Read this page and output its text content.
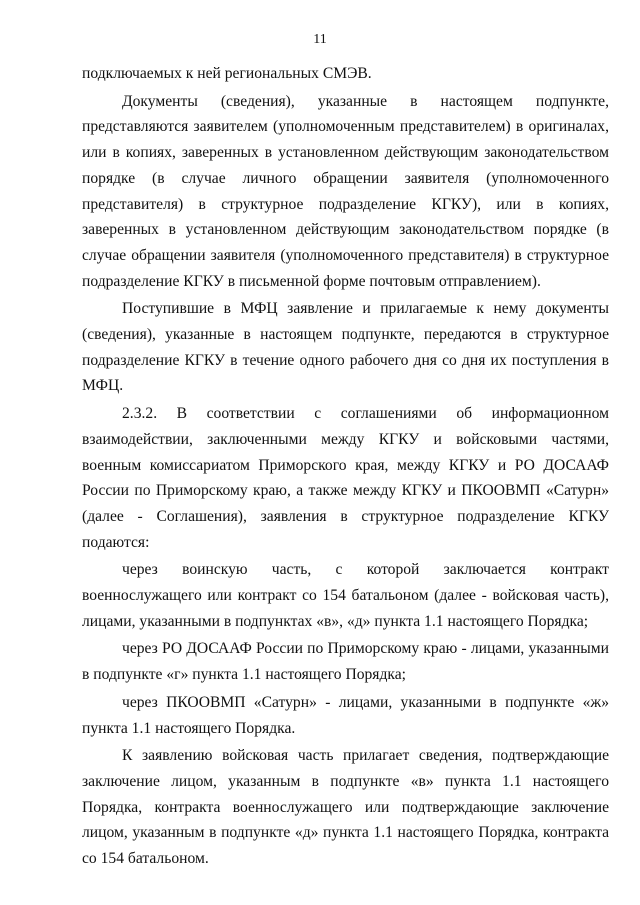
11

подключаемых к ней региональных СМЭВ.

Документы (сведения), указанные в настоящем подпункте, представляются заявителем (уполномоченным представителем) в оригиналах, или в копиях, заверенных в установленном действующим законодательством порядке (в случае личного обращении заявителя (уполномоченного представителя) в структурное подразделение КГКУ), или в копиях, заверенных в установленном действующим законодательством порядке (в случае обращении заявителя (уполномоченного представителя) в структурное подразделение КГКУ в письменной форме почтовым отправлением).

Поступившие в МФЦ заявление и прилагаемые к нему документы (сведения), указанные в настоящем подпункте, передаются в структурное подразделение КГКУ в течение одного рабочего дня со дня их поступления в МФЦ.

2.3.2. В соответствии с соглашениями об информационном взаимодействии, заключенными между КГКУ и войсковыми частями, военным комиссариатом Приморского края, между КГКУ и РО ДОСААФ России по Приморскому краю, а также между КГКУ и ПКООВМП «Сатурн» (далее - Соглашения), заявления в структурное подразделение КГКУ подаются:

через воинскую часть, с которой заключается контракт военнослужащего или контракт со 154 батальоном (далее - войсковая часть), лицами, указанными в подпунктах «в», «д» пункта 1.1 настоящего Порядка;

через РО ДОСААФ России по Приморскому краю - лицами, указанными в подпункте «г» пункта 1.1 настоящего Порядка;

через ПКООВМП «Сатурн» - лицами, указанными в подпункте «ж» пункта 1.1 настоящего Порядка.

К заявлению войсковая часть прилагает сведения, подтверждающие заключение лицом, указанным в подпункте «в» пункта 1.1 настоящего Порядка, контракта военнослужащего или подтверждающие заключение лицом, указанным в подпункте «д» пункта 1.1 настоящего Порядка, контракта со 154 батальоном.
